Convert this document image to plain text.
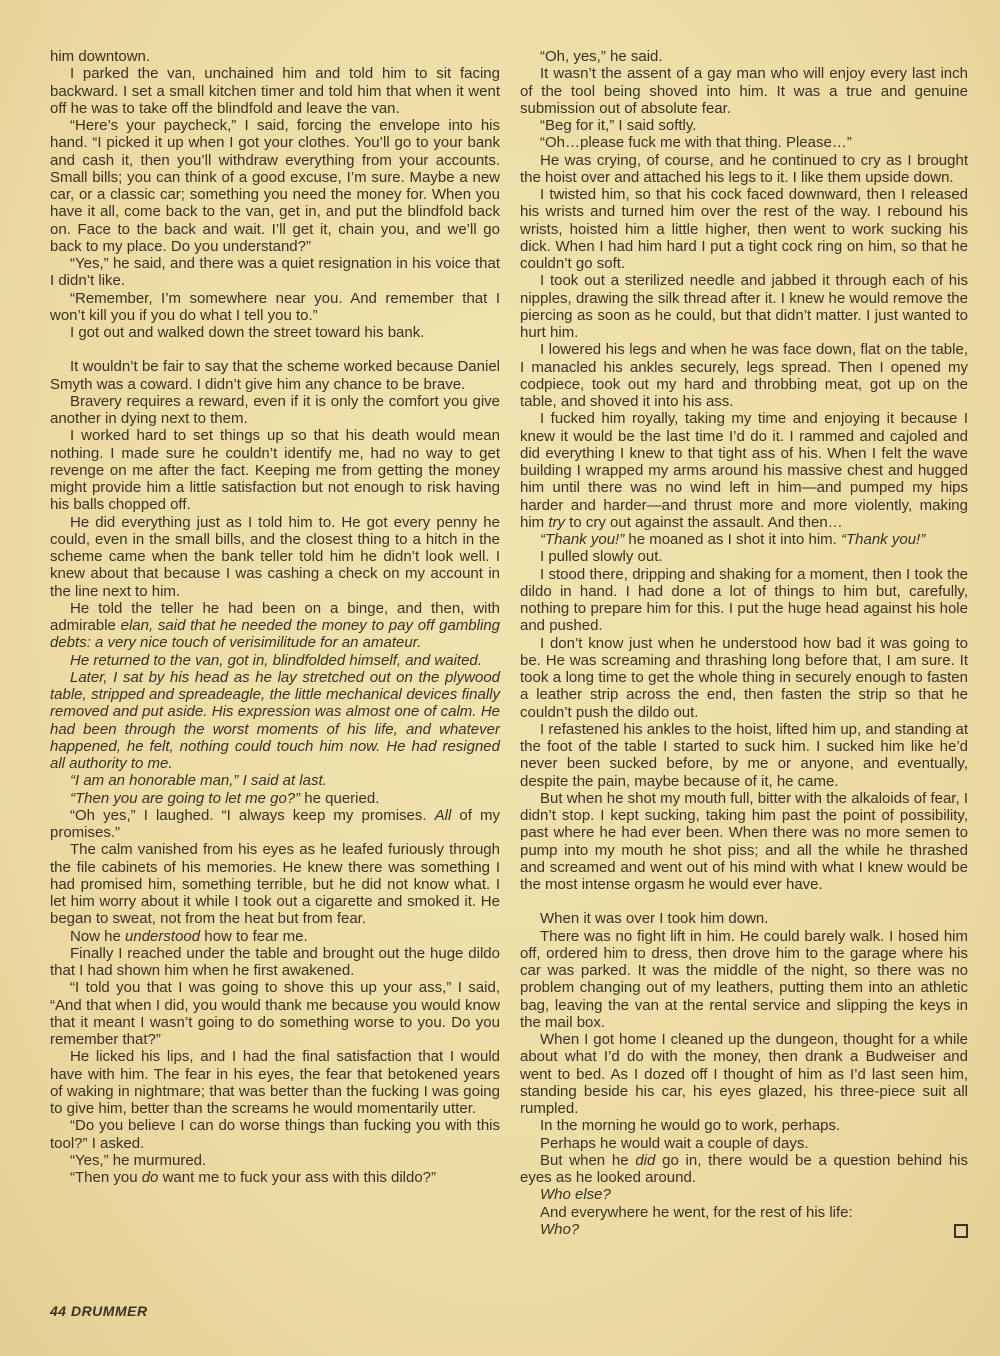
him downtown.

I parked the van, unchained him and told him to sit facing backward. I set a small kitchen timer and told him that when it went off he was to take off the blindfold and leave the van.

“Here’s your paycheck,” I said, forcing the envelope into his hand. “I picked it up when I got your clothes. You’ll go to your bank and cash it, then you’ll withdraw everything from your accounts. Small bills; you can think of a good excuse, I’m sure. Maybe a new car, or a classic car; something you need the money for. When you have it all, come back to the van, get in, and put the blindfold back on. Face to the back and wait. I’ll get it, chain you, and we’ll go back to my place. Do you understand?”

“Yes,” he said, and there was a quiet resignation in his voice that I didn’t like.

“Remember, I’m somewhere near you. And remember that I won’t kill you if you do what I tell you to.”

I got out and walked down the street toward his bank.

It wouldn’t be fair to say that the scheme worked because Daniel Smyth was a coward. I didn’t give him any chance to be brave.

Bravery requires a reward, even if it is only the comfort you give another in dying next to them.

I worked hard to set things up so that his death would mean nothing. I made sure he couldn’t identify me, had no way to get revenge on me after the fact. Keeping me from getting the money might provide him a little satisfaction but not enough to risk having his balls chopped off.

He did everything just as I told him to. He got every penny he could, even in the small bills, and the closest thing to a hitch in the scheme came when the bank teller told him he didn’t look well. I knew about that because I was cashing a check on my account in the line next to him.

He told the teller he had been on a binge, and then, with admirable elan, said that he needed the money to pay off gambling debts: a very nice touch of verisimilitude for an amateur.

He returned to the van, got in, blindfolded himself, and waited.

Later, I sat by his head as he lay stretched out on the plywood table, stripped and spreadeagle, the little mechanical devices finally removed and put aside. His expression was almost one of calm. He had been through the worst moments of his life, and whatever happened, he felt, nothing could touch him now. He had resigned all authority to me.

“I am an honorable man,” I said at last.

“Then you are going to let me go?” he queried.

“Oh yes,” I laughed. “I always keep my promises. All of my promises.”

The calm vanished from his eyes as he leafed furiously through the file cabinets of his memories. He knew there was something I had promised him, something terrible, but he did not know what. I let him worry about it while I took out a cigarette and smoked it. He began to sweat, not from the heat but from fear.

Now he understood how to fear me.

Finally I reached under the table and brought out the huge dildo that I had shown him when he first awakened.

“I told you that I was going to shove this up your ass,” I said, “And that when I did, you would thank me because you would know that it meant I wasn’t going to do something worse to you. Do you remember that?”

He licked his lips, and I had the final satisfaction that I would have with him. The fear in his eyes, the fear that betokened years of waking in nightmare; that was better than the fucking I was going to give him, better than the screams he would momentarily utter.

“Do you believe I can do worse things than fucking you with this tool?” I asked.

“Yes,” he murmured.

“Then you do want me to fuck your ass with this dildo?”

“Oh, yes,” he said.

It wasn’t the assent of a gay man who will enjoy every last inch of the tool being shoved into him. It was a true and genuine submission out of absolute fear.

“Beg for it,” I said softly.

“Oh…please fuck me with that thing. Please…”

He was crying, of course, and he continued to cry as I brought the hoist over and attached his legs to it. I like them upside down.

I twisted him, so that his cock faced downward, then I released his wrists and turned him over the rest of the way. I rebound his wrists, hoisted him a little higher, then went to work sucking his dick. When I had him hard I put a tight cock ring on him, so that he couldn’t go soft.

I took out a sterilized needle and jabbed it through each of his nipples, drawing the silk thread after it. I knew he would remove the piercing as soon as he could, but that didn’t matter. I just wanted to hurt him.

I lowered his legs and when he was face down, flat on the table, I manacled his ankles securely, legs spread. Then I opened my codpiece, took out my hard and throbbing meat, got up on the table, and shoved it into his ass.

I fucked him royally, taking my time and enjoying it because I knew it would be the last time I’d do it. I rammed and cajoled and did everything I knew to that tight ass of his. When I felt the wave building I wrapped my arms around his massive chest and hugged him until there was no wind left in him—and pumped my hips harder and harder—and thrust more and more violently, making him try to cry out against the assault. And then…

“Thank you!” he moaned as I shot it into him. “Thank you!”

I pulled slowly out.

I stood there, dripping and shaking for a moment, then I took the dildo in hand. I had done a lot of things to him but, carefully, nothing to prepare him for this. I put the huge head against his hole and pushed.

I don’t know just when he understood how bad it was going to be. He was screaming and thrashing long before that, I am sure. It took a long time to get the whole thing in securely enough to fasten a leather strip across the end, then fasten the strip so that he couldn’t push the dildo out.

I refastened his ankles to the hoist, lifted him up, and standing at the foot of the table I started to suck him. I sucked him like he’d never been sucked before, by me or anyone, and eventually, despite the pain, maybe because of it, he came.

But when he shot my mouth full, bitter with the alkaloids of fear, I didn’t stop. I kept sucking, taking him past the point of possibility, past where he had ever been. When there was no more semen to pump into my mouth he shot piss; and all the while he thrashed and screamed and went out of his mind with what I knew would be the most intense orgasm he would ever have.

When it was over I took him down.

There was no fight lift in him. He could barely walk. I hosed him off, ordered him to dress, then drove him to the garage where his car was parked. It was the middle of the night, so there was no problem changing out of my leathers, putting them into an athletic bag, leaving the van at the rental service and slipping the keys in the mail box.

When I got home I cleaned up the dungeon, thought for a while about what I’d do with the money, then drank a Budweiser and went to bed. As I dozed off I thought of him as I’d last seen him, standing beside his car, his eyes glazed, his three-piece suit all rumpled.

In the morning he would go to work, perhaps.

Perhaps he would wait a couple of days.

But when he did go in, there would be a question behind his eyes as he looked around.

Who else?

And everywhere he went, for the rest of his life:

Who?

44 DRUMMER
